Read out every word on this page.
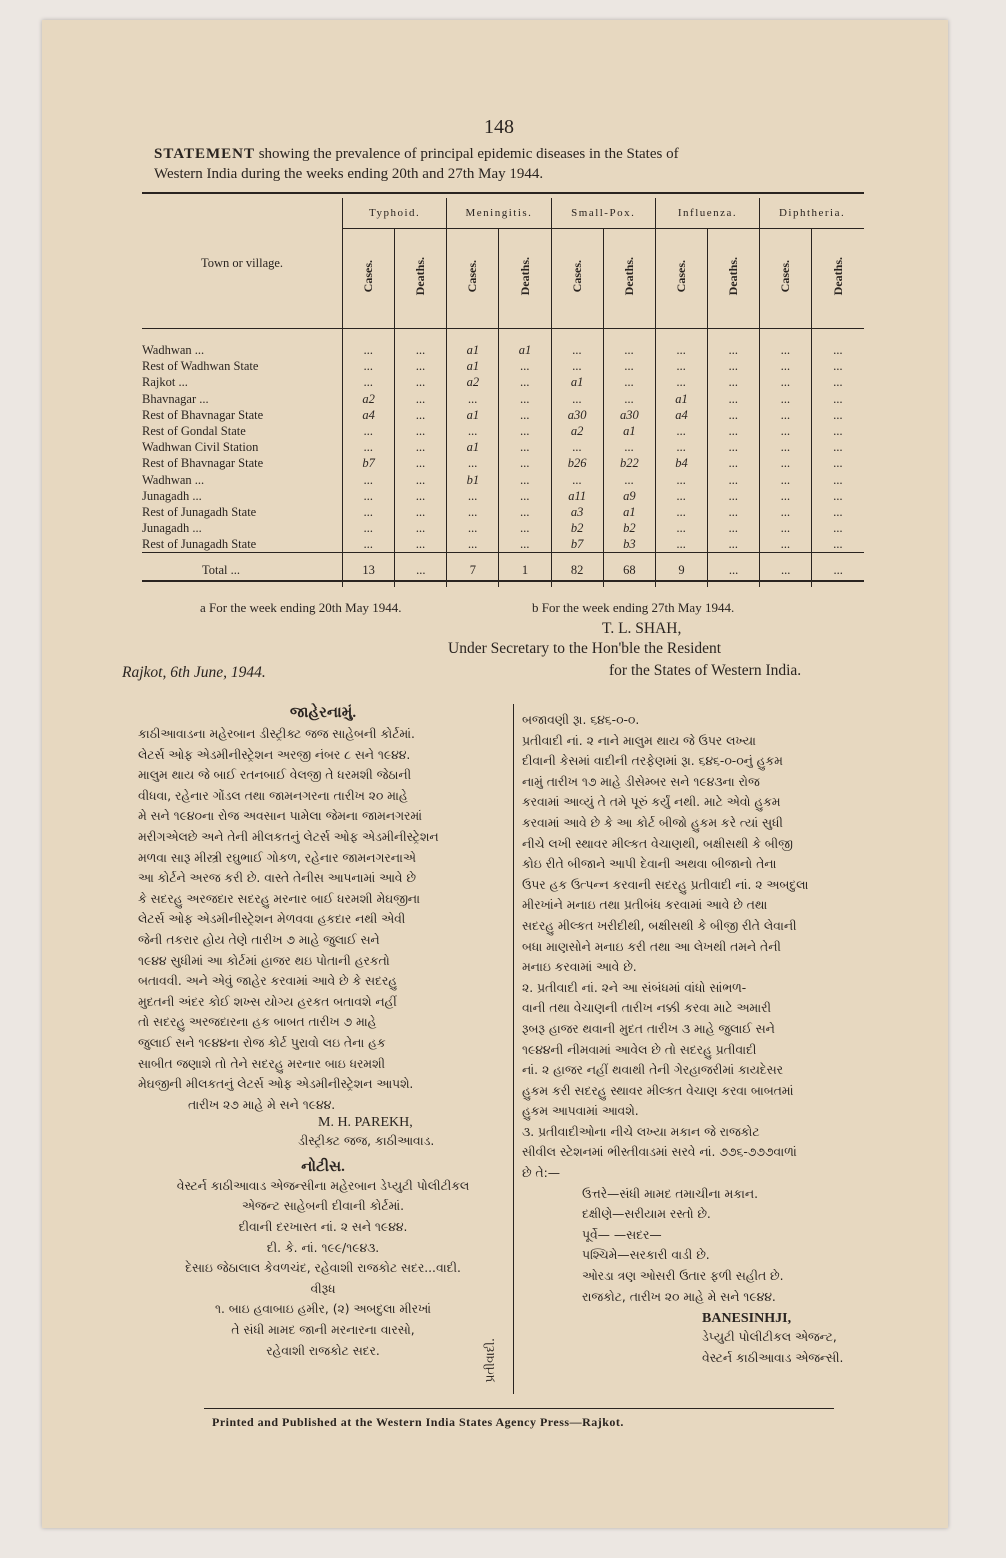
148
STATEMENT showing the prevalence of principal epidemic diseases in the States of
Western India during the weeks ending 20th and 27th May 1944.
Town or village.	Typhoid.		Meningitis.		Small-Pox.		Influenza.		Diphtheria.	
	Cases.	Deaths.	Cases.	Deaths.	Cases.	Deaths.	Cases.	Deaths.	Cases.	Deaths.

Wadhwan ...	...	...	a1	a1	...	...	...	...	...	...
Rest of Wadhwan State	...	...	a1	...	...	...	...	...	...	...
Rajkot ...	...	...	a2	...	a1	...	...	...	...	...
Bhavnagar ...	a2	...	...	...	...	...	a1	...	...	...
Rest of Bhavnagar State	a4	...	a1	...	a30	a30	a4	...	...	...
Rest of Gondal State	...	...	...	...	a2	a1	...	...	...	...
Wadhwan Civil Station	...	...	a1	...	...	...	...	...	...	...
Rest of Bhavnagar State	b7	...	...	...	b26	b22	b4	...	...	...
Wadhwan ...	...	...	b1	...	...	...	...	...	...	...
Junagadh ...	...	...	...	...	a11	a9	...	...	...	...
Rest of Junagadh State	...	...	...	...	a3	a1	...	...	...	...
Junagadh ...	...	...	...	...	b2	b2	...	...	...	...
Rest of Junagadh State	...	...	...	...	b7	b3	...	...	...	...
Total ...	13	...	7	1	82	68	9	...	...	...
a For the week ending 20th May 1944.	b For the week ending 27th May 1944.
T. L. SHAH,
Under Secretary to the Hon'ble the Resident
for the States of Western India.
Rajkot, 6th June, 1944.
જાહેરનામું.
કાઠીઆવાડના મહેરબાન ડીસ્ટ્રીક્ટ જજ સાહેબની કોર્ટમાં.
લેટર્સ ઓફ એડમીનીસ્ટ્રેશન અરજી નંબર ૮ સને ૧૯૪૪.
માલુમ થાય જે બાઈ રતનબાઈ વેલજી તે ધરમશી જેઠાની
વીધવા, રહેનાર ગોંડલ તથા જામનગરના તારીખ ૨૦ માહે
મે સને ૧૯૪૦ના રોજ અવસાન પામેલા જેમના જામનગરમાં
મરીગએલછે અને તેની મીલકતનું લેટર્સ ઓફ એડમીનીસ્ટ્રેશન
મળવા સારૂ મીસ્ત્રી રઘુભાઈ ગોકળ, રહેનાર જામનગરનાએ
આ કોર્ટને અરજ કરી છે. વાસ્તે તેનીસ આપનામાં આવે છે
કે સદરહુ અરજદાર સદરહુ મરનાર બાઈ ધરમશી મેઘજીના
લેટર્સ ઓફ એડમીનીસ્ટ્રેશન મેળવવા હકદાર નથી એવી
જેની તકરાર હોય તેણે તારીખ ૭ માહે જુલાઈ સને
૧૯૪૪ સુધીમાં આ કોર્ટમાં હાજર થઇ પોતાની હરકતો
બતાવવી. અને એવું જાહેર કરવામાં આવે છે કે સદરહુ
મુદતની અંદર કોઈ શખ્સ યોગ્ય હરકત બતાવશે નહીં
તો સદરહુ અરજદારના હક બાબત તારીખ ૭ માહે
જુલાઈ સને ૧૯૪૪ના રોજ કોર્ટ પુરાવો લઇ તેના હક
સાબીત જણાશે તો તેને સદરહુ મરનાર બાઇ ધરમશી
મેઘજીની મીલકતનું લેટર્સ ઓફ એડમીનીસ્ટ્રેશન આપશે.
તારીખ ૨૭ માહે મે સને ૧૯૪૪.
M. H. PAREKH,
ડીસ્ટ્રીક્ટ જજ, કાઠીઆવાડ.
નોટીસ.
વેસ્ટર્ન કાઠીઆવાડ એજન્સીના મહેરબાન ડેપ્યુટી પોલીટીકલ
એજન્ટ સાહેબની દીવાની કોર્ટમાં.
દીવાની દરખાસ્ત નાં. ૨ સને ૧૯૪૪.
દી. કે. નાં. ૧૯૯/૧૯૪૩.
દેસાઇ જેઠાલાલ કેવળચંદ, રહેવાશી રાજકોટ સદર...વાદી.
વીરૂધ
૧. બાઇ હવાબાઇ હમીર, (૨) અબદુલા મીરખાં
તે સંધી મામદ જાની મરનારના વારસો,
રહેવાશી રાજકોટ સદર.	પ્રતીવાદી.
બજાવણી રૂા. ૬૪૬-૦-૦.
પ્રતીવાદી નાં. ૨ નાને માલુમ થાય જે ઉપર લખ્યા
દીવાની કેસમાં વાદીની તરફેણમાં રૂા. ૬૪૬-૦-૦નું હુકમ
નામું તારીખ ૧૭ માહે ડીસેમ્બર સને ૧૯૪૩ના રોજ
કરવામાં આવ્યું તે તમે પૂરું કર્યું નથી. માટે એવો હુકમ
કરવામાં આવે છે કે આ કોર્ટ બીજો હુકમ કરે ત્યાં સુધી
નીચે લખી સ્થાવર મીલ્કત વેચાણથી, બક્ષીસથી કે બીજી
કોઇ રીતે બીજાને આપી દેવાની અથવા બીજાનો તેના
ઉપર હક ઉત્પન્ન કરવાની સદરહુ પ્રતીવાદી નાં. ૨ અબદુલા
મીરખાંને મનાઇ તથા પ્રતીબંધ કરવામાં આવે છે તથા
સદરહુ મીલ્કત ખરીદીથી, બક્ષીસથી કે બીજી રીતે લેવાની
બધા માણસોને મનાઇ કરી તથા આ લેખથી તમને તેની
મનાઇ કરવામાં આવે છે.
૨. પ્રતીવાદી નાં. ૨ને આ સંબંધમાં વાંધો સાંભળ-
વાની તથા વેચાણની તારીખ નક્કી કરવા માટે અમારી
રૂબરૂ હાજર થવાની મુદત તારીખ ૩ માહે જુલાઈ સને
૧૯૪૪ની નીમવામાં આવેલ છે તો સદરહુ પ્રતીવાદી
નાં. ૨ હાજર નહીં થવાથી તેની ગેરહાજરીમાં કાયદેસર
હુકમ કરી સદરહુ સ્થાવર મીલ્કત વેચાણ કરવા બાબતમાં
હુકમ આપવામાં આવશે.
૩. પ્રતીવાદીઓના નીચે લખ્યા મકાન જે રાજકોટ
સીવીલ સ્ટેશનમાં ભીસ્તીવાડમાં સરવે નાં. ૭૭૬-૭૭૭વાળાં
છે તે:—
ઉત્તરે—સંધી મામદ તમાચીના મકાન.
દક્ષીણે—સરીયામ રસ્તો છે.
પૂર્વે— —સદર—
પશ્ચિમે—સરકારી વાડી છે.
ઓરડા ત્રણ ઓસરી ઉતાર ફળી સહીત છે.
રાજકોટ, તારીખ ૨૦ માહે મે સને ૧૯૪૪.
BANESINHJI,
ડેપ્યુટી પોલીટીકલ એજન્ટ,
વેસ્ટર્ન કાઠીઆવાડ એજન્સી.
Printed and Published at the Western India States Agency Press—Rajkot.
